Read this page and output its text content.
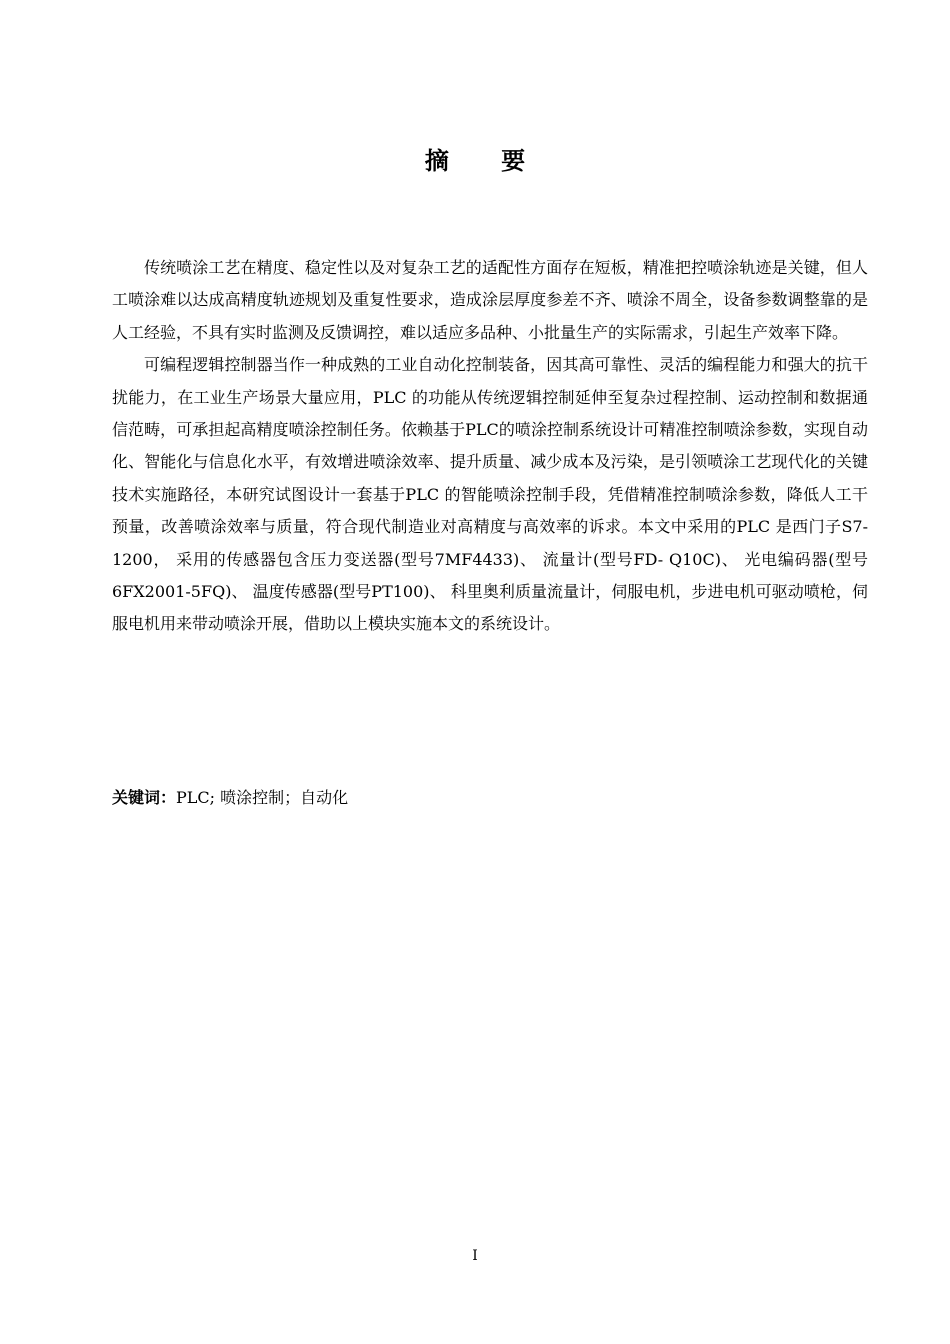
摘 要

传统喷涂工艺在精度、稳定性以及对复杂工艺的适配性方面存在短板，精准把控喷涂轨迹是关键，但人工喷涂难以达成高精度轨迹规划及重复性要求，造成涂层厚度参差不齐、喷涂不周全，设备参数调整靠的是人工经验，不具有实时监测及反馈调控，难以适应多品种、小批量生产的实际需求，引起生产效率下降。

可编程逻辑控制器当作一种成熟的工业自动化控制装备，因其高可靠性、灵活的编程能力和强大的抗干扰能力，在工业生产场景大量应用，PLC 的功能从传统逻辑控制延伸至复杂过程控制、运动控制和数据通信范畴，可承担起高精度喷涂控制任务。依赖基于PLC的喷涂控制系统设计可精准控制喷涂参数，实现自动化、智能化与信息化水平，有效增进喷涂效率、提升质量、减少成本及污染，是引领喷涂工艺现代化的关键技术实施路径，本研究试图设计一套基于PLC 的智能喷涂控制手段，凭借精准控制喷涂参数，降低人工干预量，改善喷涂效率与质量，符合现代制造业对高精度与高效率的诉求。本文中采用的PLC 是西门子S7-1200， 采用的传感器包含压力变送器(型号7MF4433)、 流量计(型号FD- Q10C)、 光电编码器(型号6FX2001-5FQ)、 温度传感器(型号PT100)、 科里奥利质量流量计，伺服电机，步进电机可驱动喷枪，伺服电机用来带动喷涂开展，借助以上模块实施本文的系统设计。

关键词：PLC; 喷涂控制；自动化
I
